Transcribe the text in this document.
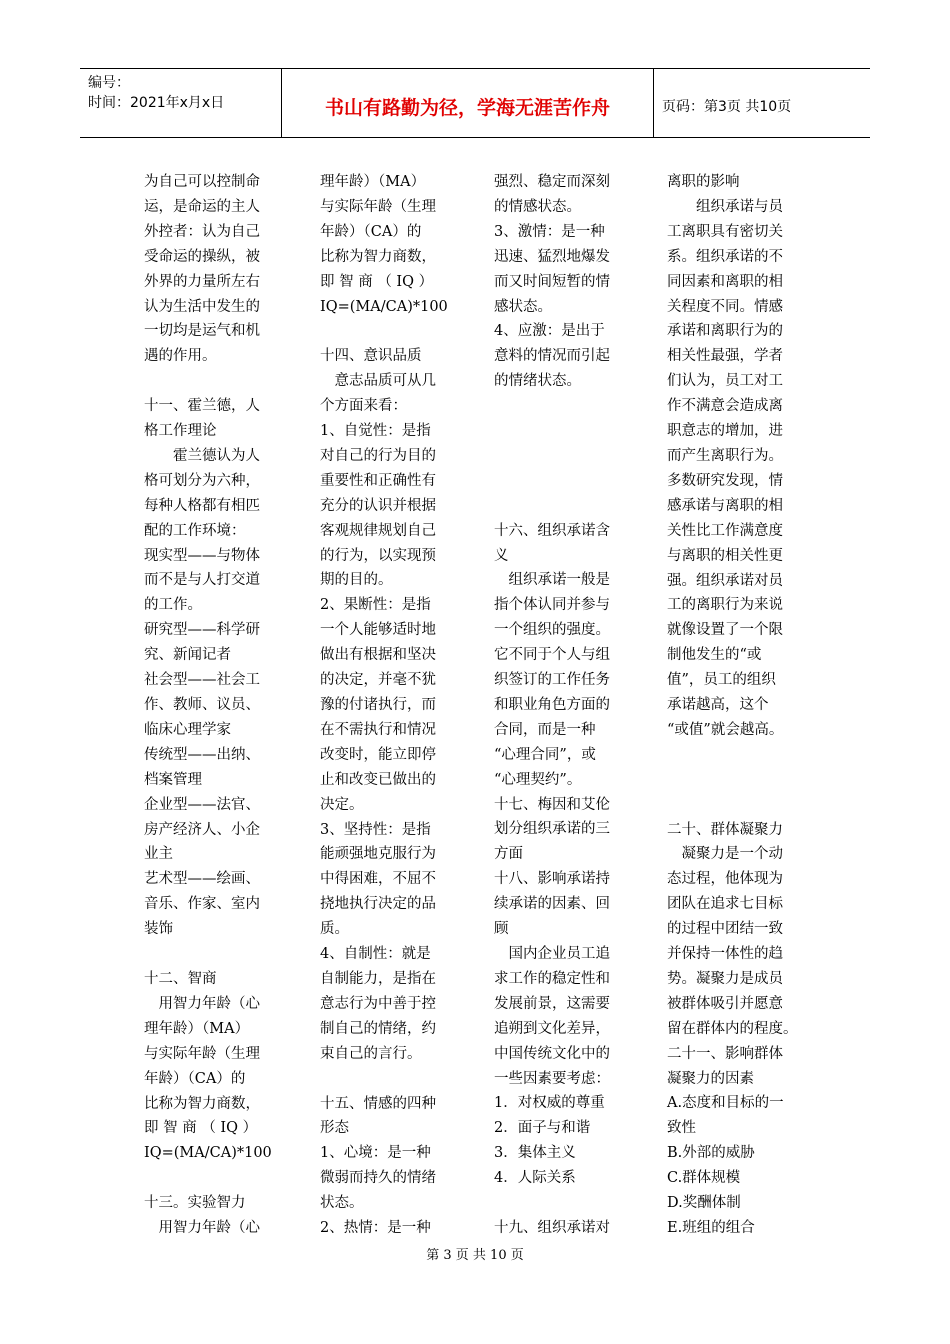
编号：
时间：2021年x月x日	书山有路勤为径，学海无涯苦作舟	页码：第3页 共10页

为自己可以控制命

运，是命运的主人

外控者：认为自己

受命运的操纵，被

外界的力量所左右

认为生活中发生的

一切均是运气和机

遇的作用。

十一、霍兰德，人

格工作理论

　　霍兰德认为人

格可划分为六种，

每种人格都有相匹

配的工作环境：

现实型——与物体

而不是与人打交道

的工作。

研究型——科学研

究、新闻记者

社会型——社会工

作、教师、议员、

临床心理学家

传统型——出纳、

档案管理

企业型——法官、

房产经济人、小企

业主

艺术型——绘画、

音乐、作家、室内

装饰

十二、智商

　用智力年龄（心

理年龄）（MA）

与实际年龄（生理

年龄）（CA）的

比称为智力商数，

即 智 商 （ IQ ）

IQ=(MA/CA)*100

十三。实验智力

　用智力年龄（心

理年龄）（MA）

与实际年龄（生理

年龄）（CA）的

比称为智力商数，

即 智 商 （ IQ ）

IQ=(MA/CA)*100

十四、意识品质

　意志品质可从几

个方面来看：

1、自觉性：是指

对自己的行为目的

重要性和正确性有

充分的认识并根据

客观规律规划自己

的行为，以实现预

期的目的。

2、果断性：是指

一个人能够适时地

做出有根据和坚决

的决定，并毫不犹

豫的付诸执行，而

在不需执行和情况

改变时，能立即停

止和改变已做出的

决定。

3、坚持性：是指

能顽强地克服行为

中得困难，不屈不

挠地执行决定的品

质。

4、自制性：就是

自制能力，是指在

意志行为中善于控

制自己的情绪，约

束自己的言行。

十五、情感的四种

形态

1、心境：是一种

微弱而持久的情绪

状态。

2、热情：是一种

强烈、稳定而深刻

的情感状态。

3、激情：是一种

迅速、猛烈地爆发

而又时间短暂的情

感状态。

4、应激：是出于

意料的情况而引起

的情绪状态。

十六、组织承诺含

义

　组织承诺一般是

指个体认同并参与

一个组织的强度。

它不同于个人与组

织签订的工作任务

和职业角色方面的

合同，而是一种

“心理合同”，或

“心理契约”。

十七、梅因和艾伦

划分组织承诺的三

方面

十八、影响承诺持

续承诺的因素、回

顾

　国内企业员工追

求工作的稳定性和

发展前景，这需要

追朔到文化差异，

中国传统文化中的

一些因素要考虑：

1．对权威的尊重

2．面子与和谐

3．集体主义

4．人际关系

十九、组织承诺对

离职的影响

　　组织承诺与员

工离职具有密切关

系。组织承诺的不

同因素和离职的相

关程度不同。情感

承诺和离职行为的

相关性最强，学者

们认为，员工对工

作不满意会造成离

职意志的增加，进

而产生离职行为。

多数研究发现，情

感承诺与离职的相

关性比工作满意度

与离职的相关性更

强。组织承诺对员

工的离职行为来说

就像设置了一个限

制他发生的“或

值”，员工的组织

承诺越高，这个

“或值”就会越高。

二十、群体凝聚力

　凝聚力是一个动

态过程，他体现为

团队在追求七目标

的过程中团结一致

并保持一体性的趋

势。凝聚力是成员

被群体吸引并愿意

留在群体内的程度。

二十一、影响群体

凝聚力的因素

A.态度和目标的一

致性

B.外部的威胁

C.群体规模

D.奖酬体制

E.班组的组合

第 3 页 共 10 页
